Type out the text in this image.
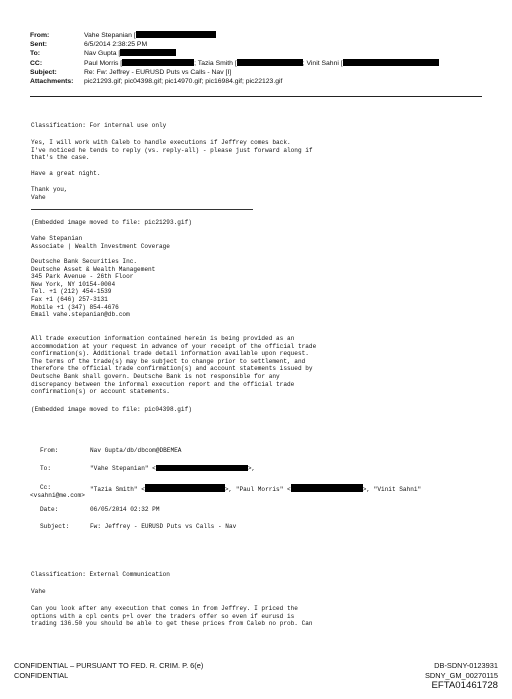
From:	Vahe Stepanian [
Sent:	6/5/2014 2:38:25 PM
To:	Nav Gupta [
CC:	Paul Morris [	; Tazia Smith [	; Vinit Sahni [
Subject:	Re: Fw: Jeffrey - EURUSD Puts vs Calls - Nav [I]
Attachments:	pic21293.gif; pic04398.gif; pic14970.gif; pic16984.gif; pic22123.gif
Classification: For internal use only
Yes, I will work with Caleb to handle executions if Jeffrey comes back.
I've noticed he tends to reply (vs. reply-all) - please just forward along if
that's the case.
Have a great night.
Thank you,
Vahe
(Embedded image moved to file: pic21293.gif)
Vahe Stepanian
Associate | Wealth Investment Coverage
Deutsche Bank Securities Inc.
Deutsche Asset & Wealth Management
345 Park Avenue - 26th Floor
New York, NY 10154-0004
Tel. +1 (212) 454-1539
Fax +1 (646) 257-3131
Mobile +1 (347) 854-4676
Email vahe.stepanian@db.com
All trade execution information contained herein is being provided as an
accommodation at your request in advance of your receipt of the official trade
confirmation(s). Additional trade detail information available upon request.
The terms of the trade(s) may be subject to change prior to settlement, and
therefore the official trade confirmation(s) and account statements issued by
Deutsche Bank shall govern. Deutsche Bank is not responsible for any
discrepancy between the informal execution report and the official trade
confirmation(s) or account statements.
(Embedded image moved to file: pic04398.gif)
From:	Nav Gupta/db/dbcom@DBEMEA
To:	"Vahe Stepanian" <	>,
Cc:	"Tazia Smith" <	>, "Paul Morris" <	>, "Vinit Sahni"
<vsahni@me.com>
Date:	06/05/2014 02:32 PM
Subject:	Fw: Jeffrey - EURUSD Puts vs Calls - Nav
Classification: External Communication
Vahe
Can you look after any execution that comes in from Jeffrey. I priced the
options with a cpl cents p+l over the traders offer so even if eurusd is
trading 136.50 you should be able to get these prices from Caleb no prob. Can
CONFIDENTIAL – PURSUANT TO FED. R. CRIM. P. 6(e)
CONFIDENTIAL
DB-SDNY-0123931
SDNY_GM_00270115
EFTA01461728
